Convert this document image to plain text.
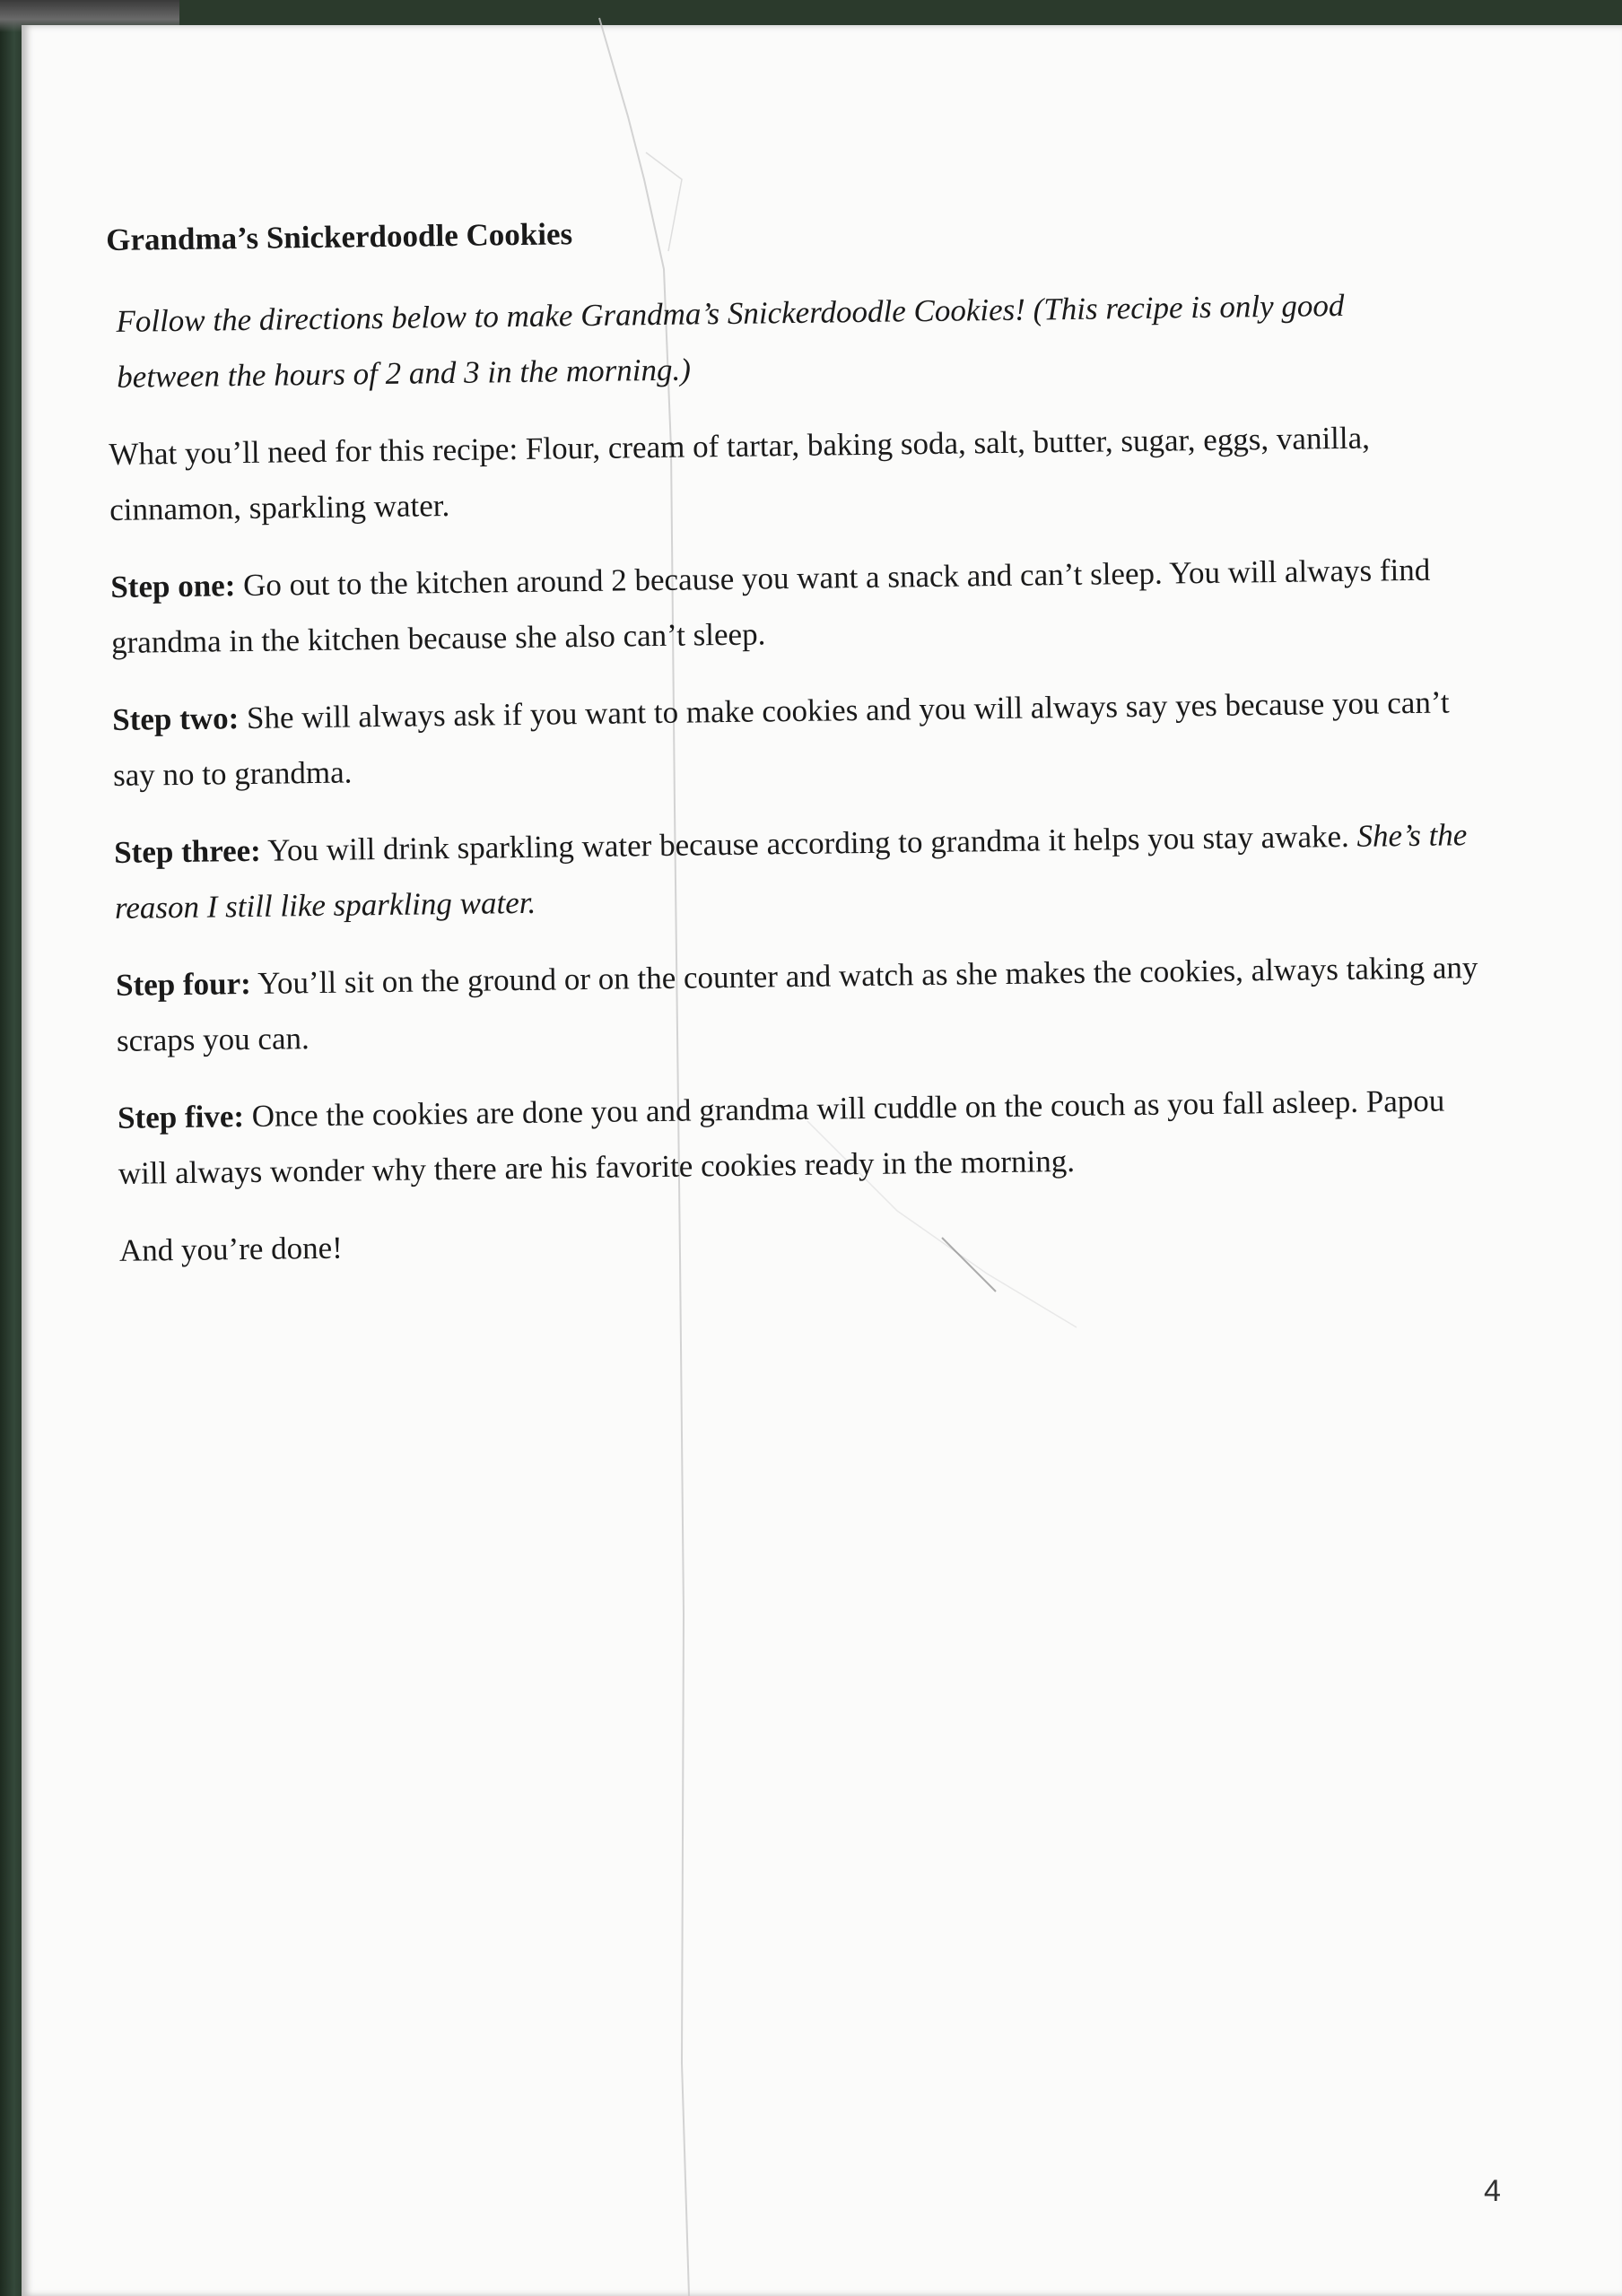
Grandma’s Snickerdoodle Cookies
Follow the directions below to make Grandma’s Snickerdoodle Cookies! (This recipe is only good between the hours of 2 and 3 in the morning.)
What you’ll need for this recipe: Flour, cream of tartar, baking soda, salt, butter, sugar, eggs, vanilla, cinnamon, sparkling water.
Step one: Go out to the kitchen around 2 because you want a snack and can’t sleep. You will always find grandma in the kitchen because she also can’t sleep.
Step two: She will always ask if you want to make cookies and you will always say yes because you can’t say no to grandma.
Step three: You will drink sparkling water because according to grandma it helps you stay awake. She’s the reason I still like sparkling water.
Step four: You’ll sit on the ground or on the counter and watch as she makes the cookies, always taking any scraps you can.
Step five: Once the cookies are done you and grandma will cuddle on the couch as you fall asleep. Papou will always wonder why there are his favorite cookies ready in the morning.
And you’re done!
4
